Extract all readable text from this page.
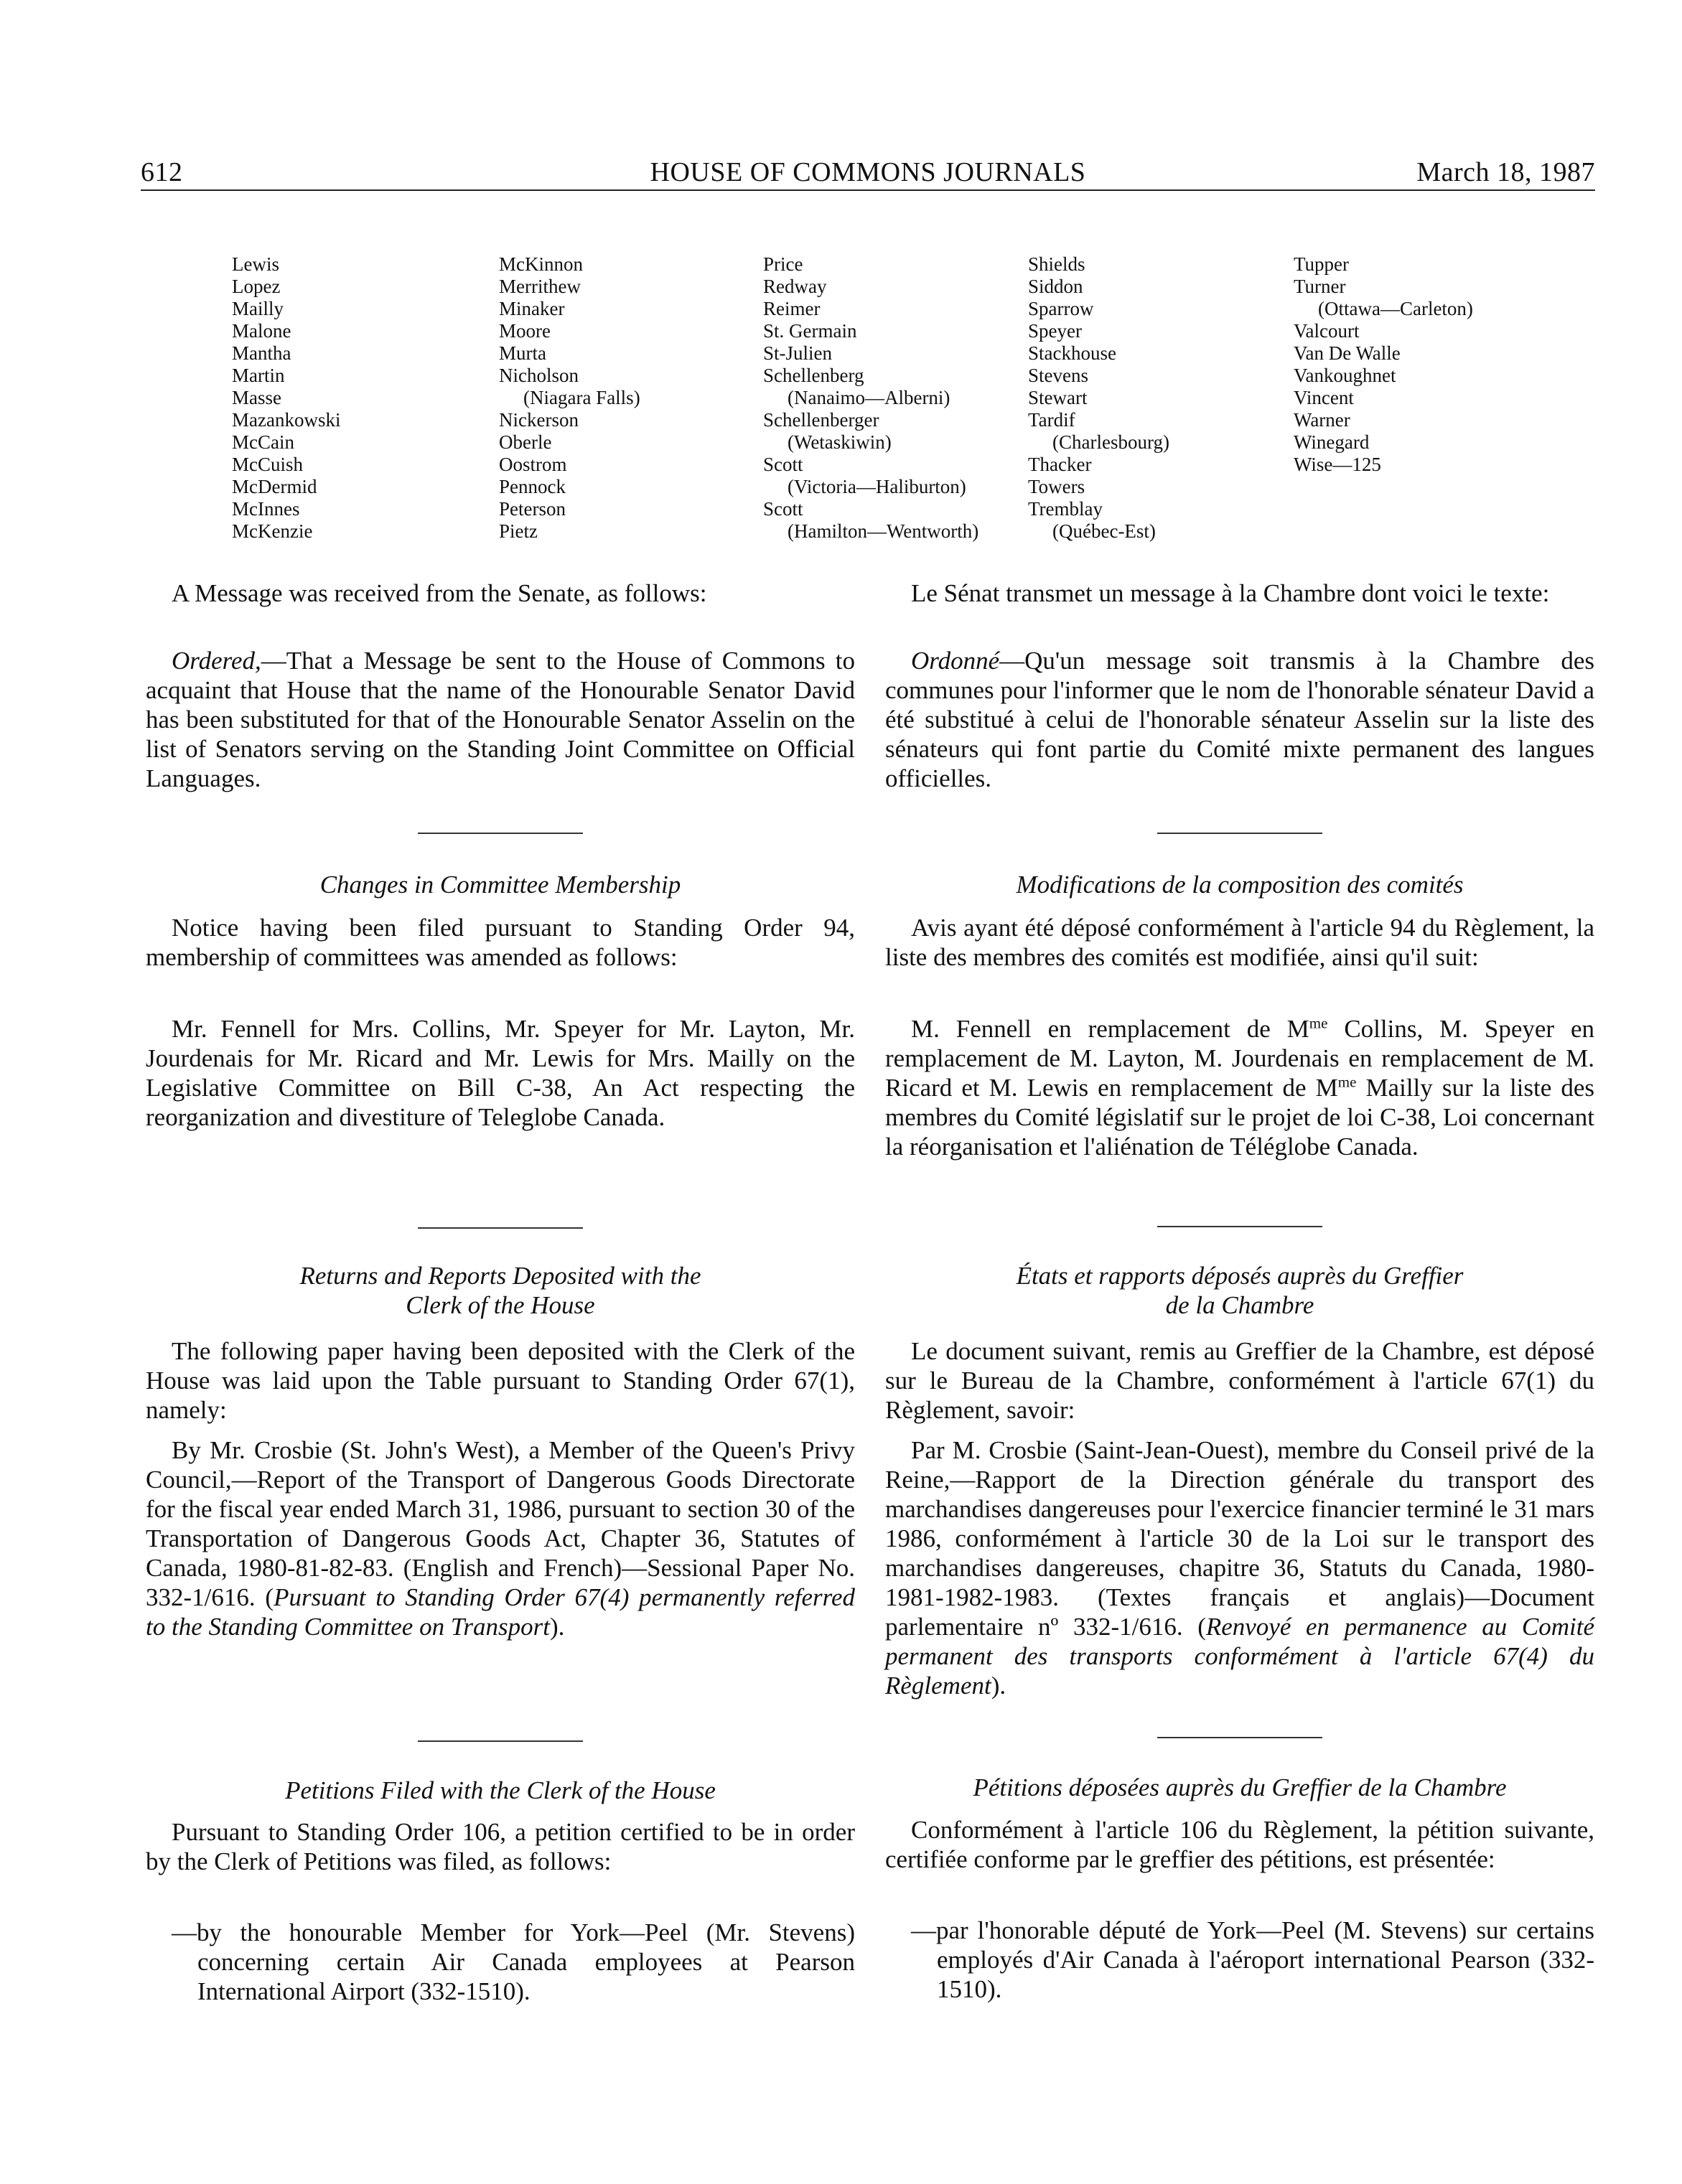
612	HOUSE OF COMMONS JOURNALS	March 18, 1987
Lewis
Lopez
Mailly
Malone
Mantha
Martin
Masse
Mazankowski
McCain
McCuish
McDermid
McInnes
McKenzie
McKinnon
Merrithew
Minaker
Moore
Murta
Nicholson
(Niagara Falls)
Nickerson
Oberle
Oostrom
Pennock
Peterson
Pietz
Price
Redway
Reimer
St. Germain
St-Julien
Schellenberg
(Nanaimo—Alberni)
Schellenberger
(Wetaskiwin)
Scott
(Victoria—Haliburton)
Scott
(Hamilton—Wentworth)
Shields
Siddon
Sparrow
Speyer
Stackhouse
Stevens
Stewart
Tardif
(Charlesbourg)
Thacker
Towers
Tremblay
(Québec-Est)
Tupper
Turner
(Ottawa—Carleton)
Valcourt
Van De Walle
Vankoughnet
Vincent
Warner
Winegard
Wise—125

A Message was received from the Senate, as follows:

Ordered,—That a Message be sent to the House of Commons to acquaint that House that the name of the Honourable Senator David has been substituted for that of the Honourable Senator Asselin on the list of Senators serving on the Standing Joint Committee on Official Languages.

Changes in Committee Membership

Notice having been filed pursuant to Standing Order 94, membership of committees was amended as follows:

Mr. Fennell for Mrs. Collins, Mr. Speyer for Mr. Layton, Mr. Jourdenais for Mr. Ricard and Mr. Lewis for Mrs. Mailly on the Legislative Committee on Bill C-38, An Act respecting the reorganization and divestiture of Teleglobe Canada.

Returns and Reports Deposited with the

Clerk of the House

The following paper having been deposited with the Clerk of the House was laid upon the Table pursuant to Standing Order 67(1), namely:

By Mr. Crosbie (St. John's West), a Member of the Queen's Privy Council,—Report of the Transport of Dangerous Goods Directorate for the fiscal year ended March 31, 1986, pursuant to section 30 of the Transportation of Dangerous Goods Act, Chapter 36, Statutes of Canada, 1980-81-82-83. (English and French)—Sessional Paper No. 332-1/616. (Pursuant to Standing Order 67(4) permanently referred to the Standing Committee on Transport).

Petitions Filed with the Clerk of the House

Pursuant to Standing Order 106, a petition certified to be in order by the Clerk of Petitions was filed, as follows:

—by the honourable Member for York—Peel (Mr. Stevens) concerning certain Air Canada employees at Pearson International Airport (332-1510).

Le Sénat transmet un message à la Chambre dont voici le texte:

Ordonné—Qu'un message soit transmis à la Chambre des communes pour l'informer que le nom de l'honorable sénateur David a été substitué à celui de l'honorable sénateur Asselin sur la liste des sénateurs qui font partie du Comité mixte permanent des langues officielles.

Modifications de la composition des comités

Avis ayant été déposé conformément à l'article 94 du Règlement, la liste des membres des comités est modifiée, ainsi qu'il suit:

M. Fennell en remplacement de $M^{me}$ Collins, M. Speyer en remplacement de M. Layton, M. Jourdenais en remplacement de M. Ricard et M. Lewis en remplacement de $M^{me}$ Mailly sur la liste des membres du Comité législatif sur le projet de loi C-38, Loi concernant la réorganisation et l'aliénation de Téléglobe Canada.

États et rapports déposés auprès du Greffier

de la Chambre

Le document suivant, remis au Greffier de la Chambre, est déposé sur le Bureau de la Chambre, conformément à l'article 67(1) du Règlement, savoir:

Par M. Crosbie (Saint-Jean-Ouest), membre du Conseil privé de la Reine,—Rapport de la Direction générale du transport des marchandises dangereuses pour l'exercice financier terminé le 31 mars 1986, conformément à l'article 30 de la Loi sur le transport des marchandises dangereuses, chapitre 36, Statuts du Canada, 1980-1981-1982-1983. (Textes français et anglais)—Document parlementaire nº 332-1/616. (Renvoyé en permanence au Comité permanent des transports conformément à l'article 67(4) du Règlement).

Pétitions déposées auprès du Greffier de la Chambre

Conformément à l'article 106 du Règlement, la pétition suivante, certifiée conforme par le greffier des pétitions, est présentée:

—par l'honorable député de York—Peel (M. Stevens) sur certains employés d'Air Canada à l'aéroport international Pearson (332-1510).
